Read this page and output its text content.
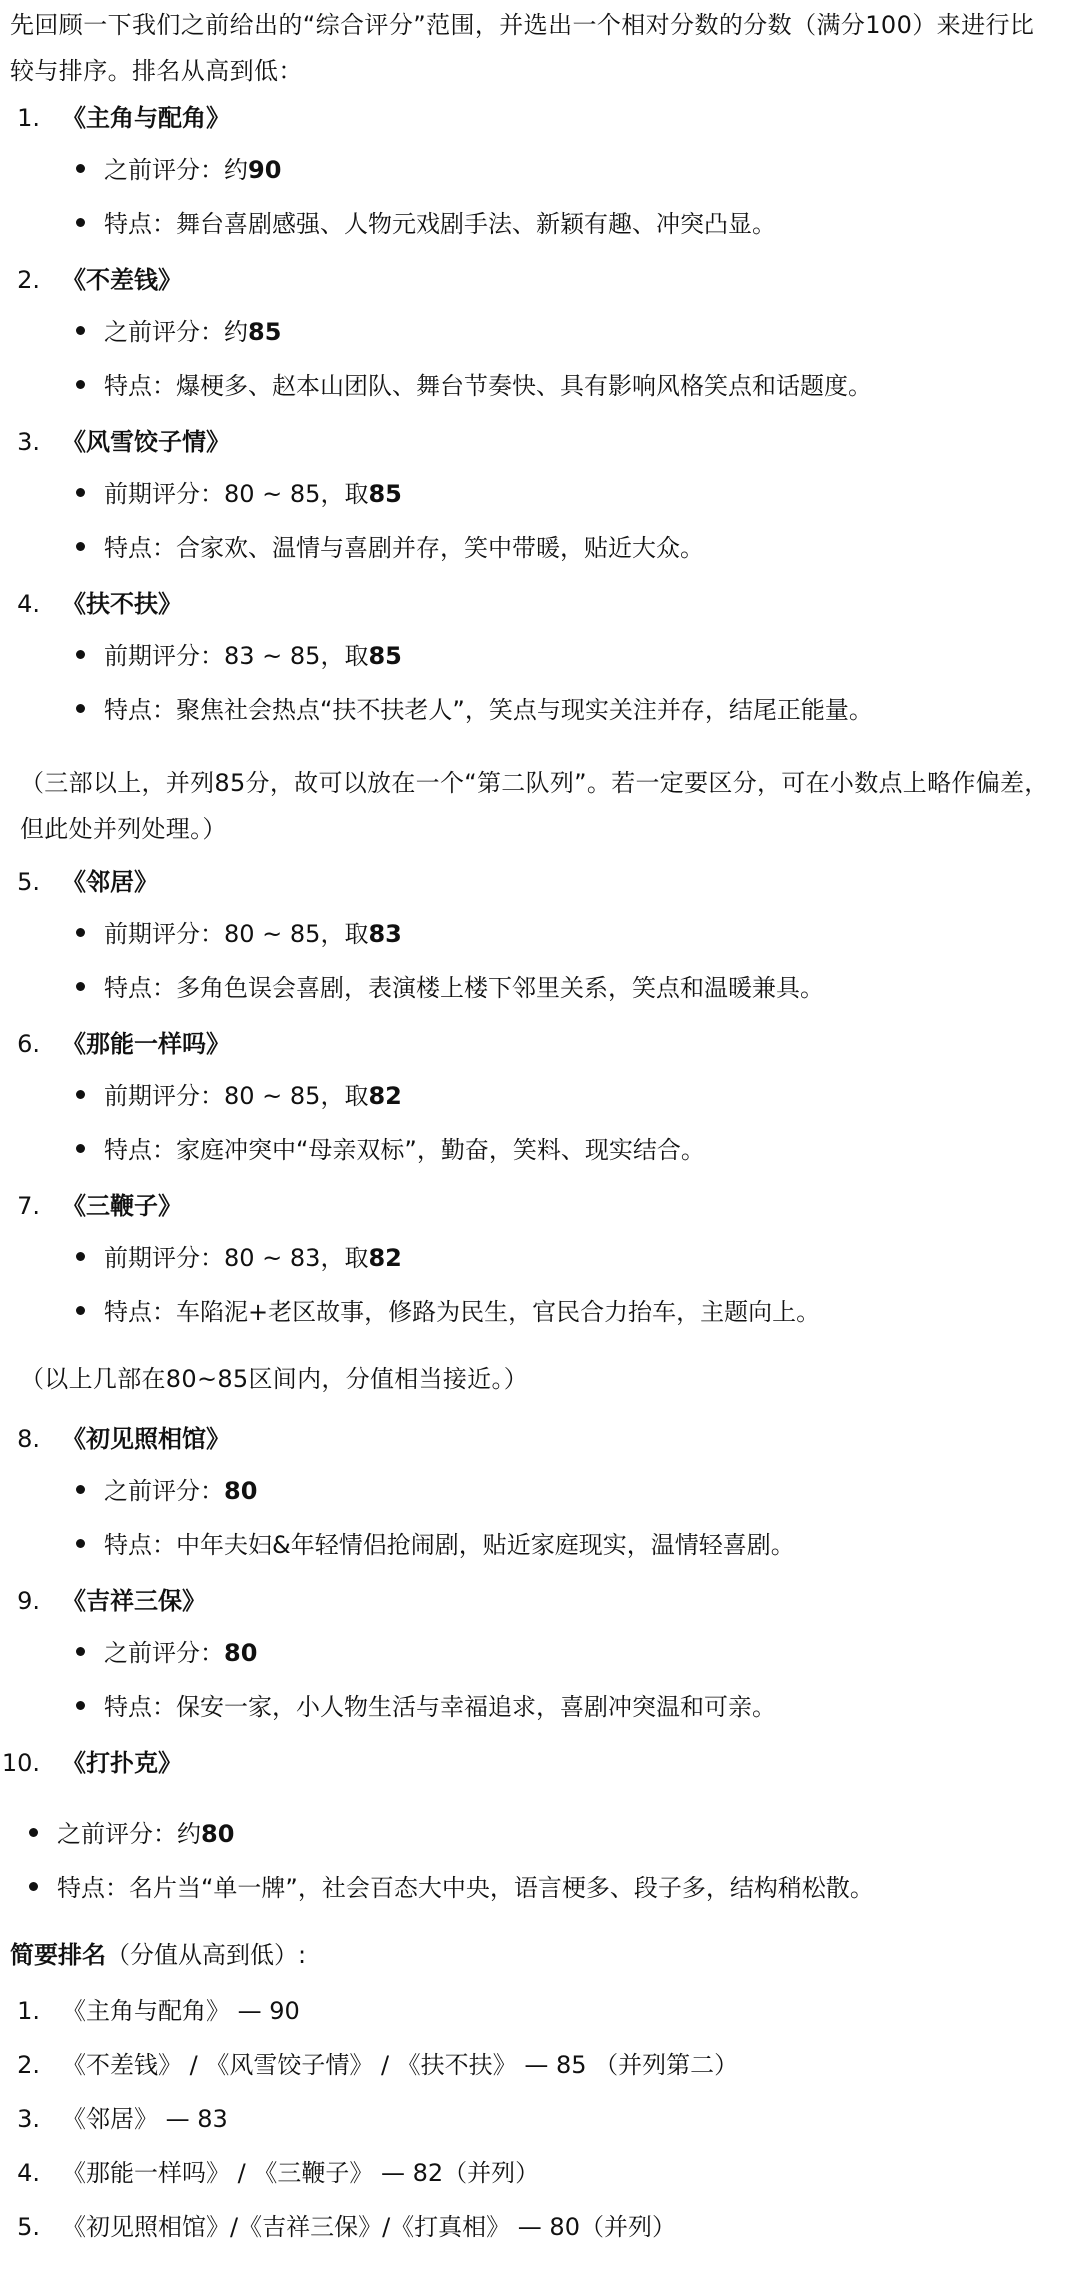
先回顾一下我们之前给出的“综合评分”范围，并选出一个相对分数的分数（满分100）来进行比较与排序。排名从高到低：

1. 《主角与配角》
之前评分：约90
特点：舞台喜剧感强、人物元戏剧手法、新颖有趣、冲突凸显。
2. 《不差钱》
之前评分：约85
特点：爆梗多、赵本山团队、舞台节奏快、具有影响风格笑点和话题度。
3. 《风雪饺子情》
前期评分：80 ~ 85，取85
特点：合家欢、温情与喜剧并存，笑中带暖，贴近大众。
4. 《扶不扶》
前期评分：83 ~ 85，取85
特点：聚焦社会热点“扶不扶老人”，笑点与现实关注并存，结尾正能量。

（三部以上，并列85分，故可以放在一个“第二队列”。若一定要区分，可在小数点上略作偏差，但此处并列处理。）

5. 《邻居》
前期评分：80 ~ 85，取83
特点：多角色误会喜剧，表演楼上楼下邻里关系，笑点和温暖兼具。
6. 《那能一样吗》
前期评分：80 ~ 85，取82
特点：家庭冲突中“母亲双标”，勤奋，笑料、现实结合。
7. 《三鞭子》
前期评分：80 ~ 83，取82
特点：车陷泥+老区故事，修路为民生，官民合力抬车，主题向上。

（以上几部在80~85区间内，分值相当接近。）

8. 《初见照相馆》
之前评分：80
特点：中年夫妇&年轻情侣抢闹剧，贴近家庭现实，温情轻喜剧。
9. 《吉祥三保》
之前评分：80
特点：保安一家，小人物生活与幸福追求，喜剧冲突温和可亲。
10. 《打扑克》
之前评分：约80
特点：名片当“单一牌”，社会百态大中央，语言梗多、段子多，结构稍松散。

简要排名（分值从高到低）:

1. 《主角与配角》 — 90
2. 《不差钱》 / 《风雪饺子情》 / 《扶不扶》 — 85 （并列第二）
3. 《邻居》 — 83
4. 《那能一样吗》 / 《三鞭子》 — 82（并列）
5. 《初见照相馆》/《吉祥三保》/《打真相》 — 80（并列）
